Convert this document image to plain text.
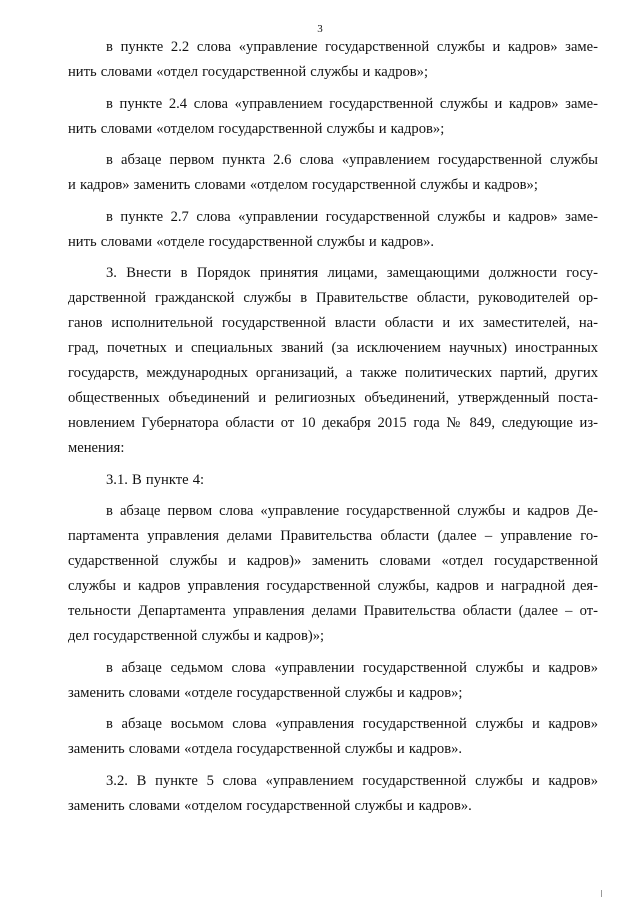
3
в пункте 2.2 слова «управление государственной службы и кадров» заме-
нить словами «отдел государственной службы и кадров»;
в пункте 2.4 слова «управлением государственной службы и кадров» заме-
нить словами «отделом государственной службы и кадров»;
в абзаце первом пункта 2.6 слова «управлением государственной службы
и кадров» заменить словами «отделом государственной службы и кадров»;
в пункте 2.7 слова «управлении государственной службы и кадров» заме-
нить словами «отделе государственной службы и кадров».
3. Внести в Порядок принятия лицами, замещающими должности госу-
дарственной гражданской службы в Правительстве области, руководителей ор-
ганов исполнительной государственной власти области и их заместителей, на-
град, почетных и специальных званий (за исключением научных) иностранных
государств, международных организаций, а также политических партий, других
общественных объединений и религиозных объединений, утвержденный поста-
новлением Губернатора области от 10 декабря 2015 года № 849, следующие из-
менения:
3.1. В пункте 4:
в абзаце первом слова «управление государственной службы и кадров Де-
партамента управления делами Правительства области (далее – управление го-
сударственной службы и кадров)» заменить словами «отдел государственной
службы и кадров управления государственной службы, кадров и наградной дея-
тельности Департамента управления делами Правительства области (далее – от-
дел государственной службы и кадров)»;
в абзаце седьмом слова «управлении государственной службы и кадров»
заменить словами «отделе государственной службы и кадров»;
в абзаце восьмом слова «управления государственной службы и кадров»
заменить словами «отдела государственной службы и кадров».
3.2. В пункте 5 слова «управлением государственной службы и кадров»
заменить словами «отделом государственной службы и кадров».
